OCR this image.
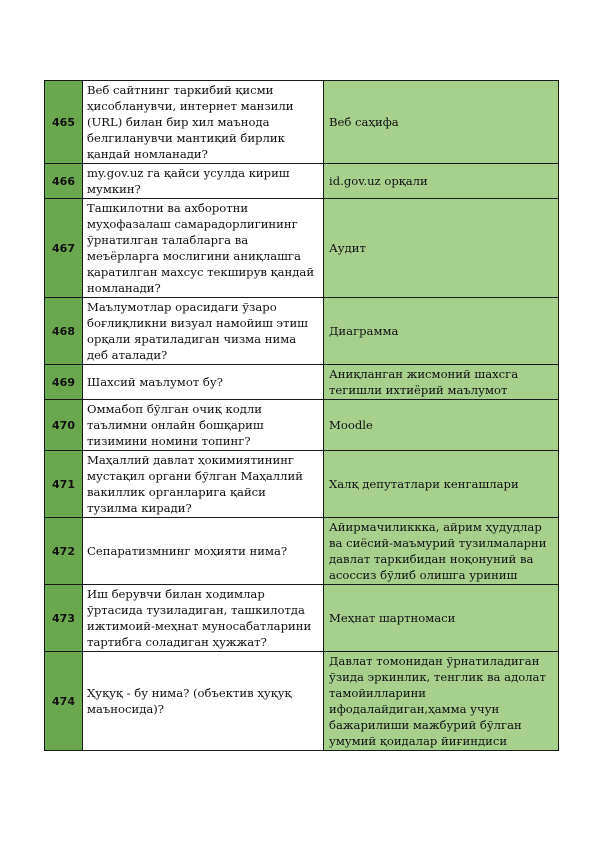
465	Веб сайтнинг таркибий қисми ҳисобланувчи, интернет манзили (URL) билан бир хил маънода белгиланувчи мантиқий бирлик қандай номланади?	Веб саҳифа
466	my.gov.uz га қайси усулда кириш мумкин?	id.gov.uz орқали
467	Ташкилотни ва ахборотни муҳофазалаш самарадорлигининг ўрнатилган талабларга ва меъёрларга мослигини аниқлашга қаратилган махсус текширув қандай номланади?	Аудит
468	Маълумотлар орасидаги ўзаро боғлиқликни визуал намойиш этиш орқали яратиладиган чизма нима деб аталади?	Диаграмма
469	Шахсий маълумот бу?	Аниқланган жисмоний шахсга тегишли ихтиёрий маълумот
470	Оммабоп бўлган очиқ кодли таълимни онлайн бошқариш тизимини номини топинг?	Moodle
471	Маҳаллий давлат ҳокимиятининг мустақил органи бўлган Маҳаллий вакиллик органларига қайси тузилма киради?	Халқ депутатлари кенгашлари
472	Сепаратизмнинг моҳияти нима?	Айирмачиликкка, айрим ҳудудлар ва сиёсий-маъмурий тузилмаларни давлат таркибидан ноқонуний ва асоссиз бўлиб олишга уриниш
473	Иш берувчи билан ходимлар ўртасида тузиладиган, ташкилотда ижтимоий-меҳнат муносабатларини тартибга соладиган ҳужжат?	Меҳнат шартномаси
474	Ҳуқуқ - бу нима? (объектив ҳуқуқ маъносида)?	Давлат томонидан ўрнатиладиган ўзида эркинлик, тенглик ва адолат тамойилларини ифодалайдиган,ҳамма учун бажарилиши мажбурий бўлган умумий қоидалар йиғиндиси
